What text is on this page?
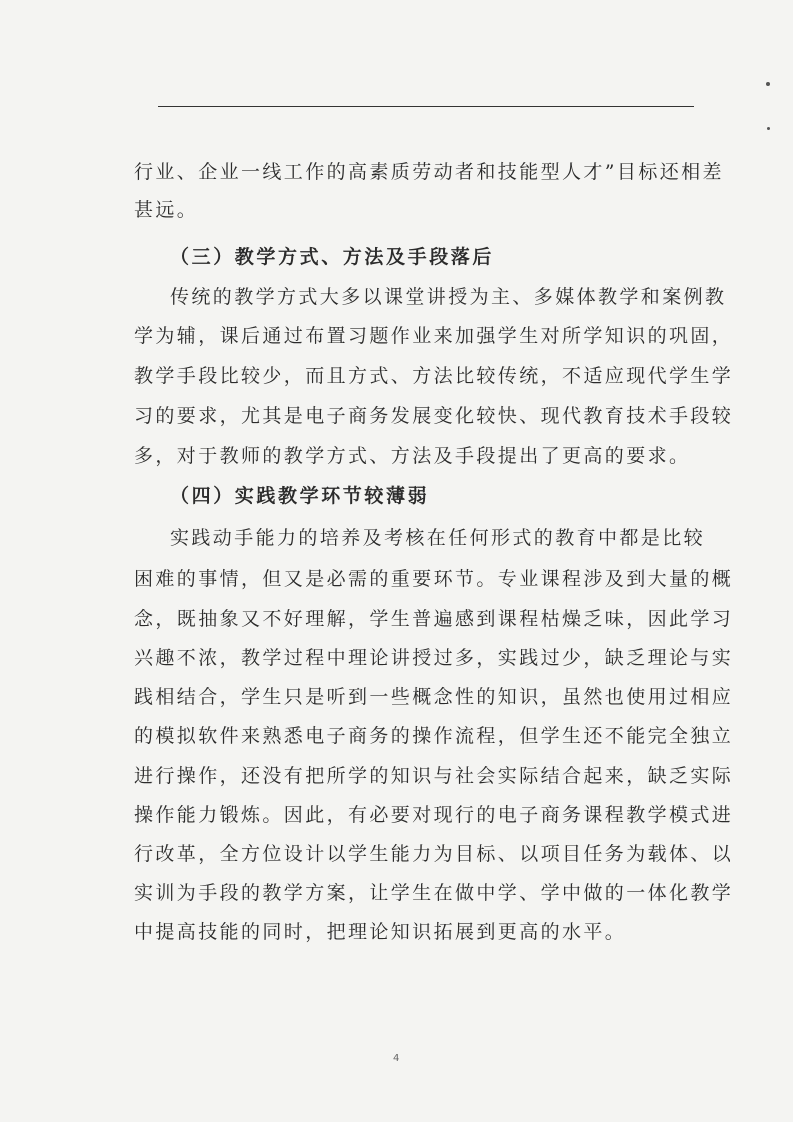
行业、企业一线工作的高素质劳动者和技能型人才”目标还相差
甚远。
（三）教学方式、方法及手段落后
传统的教学方式大多以课堂讲授为主、多媒体教学和案例教
学为辅，课后通过布置习题作业来加强学生对所学知识的巩固，
教学手段比较少，而且方式、方法比较传统，不适应现代学生学
习的要求，尤其是电子商务发展变化较快、现代教育技术手段较
多，对于教师的教学方式、方法及手段提出了更高的要求。
（四）实践教学环节较薄弱
实践动手能力的培养及考核在任何形式的教育中都是比较
困难的事情，但又是必需的重要环节。专业课程涉及到大量的概
念，既抽象又不好理解，学生普遍感到课程枯燥乏味，因此学习
兴趣不浓，教学过程中理论讲授过多，实践过少，缺乏理论与实
践相结合，学生只是听到一些概念性的知识，虽然也使用过相应
的模拟软件来熟悉电子商务的操作流程，但学生还不能完全独立
进行操作，还没有把所学的知识与社会实际结合起来，缺乏实际
操作能力锻炼。因此，有必要对现行的电子商务课程教学模式进
行改革，全方位设计以学生能力为目标、以项目任务为载体、以
实训为手段的教学方案，让学生在做中学、学中做的一体化教学
中提高技能的同时，把理论知识拓展到更高的水平。
4
